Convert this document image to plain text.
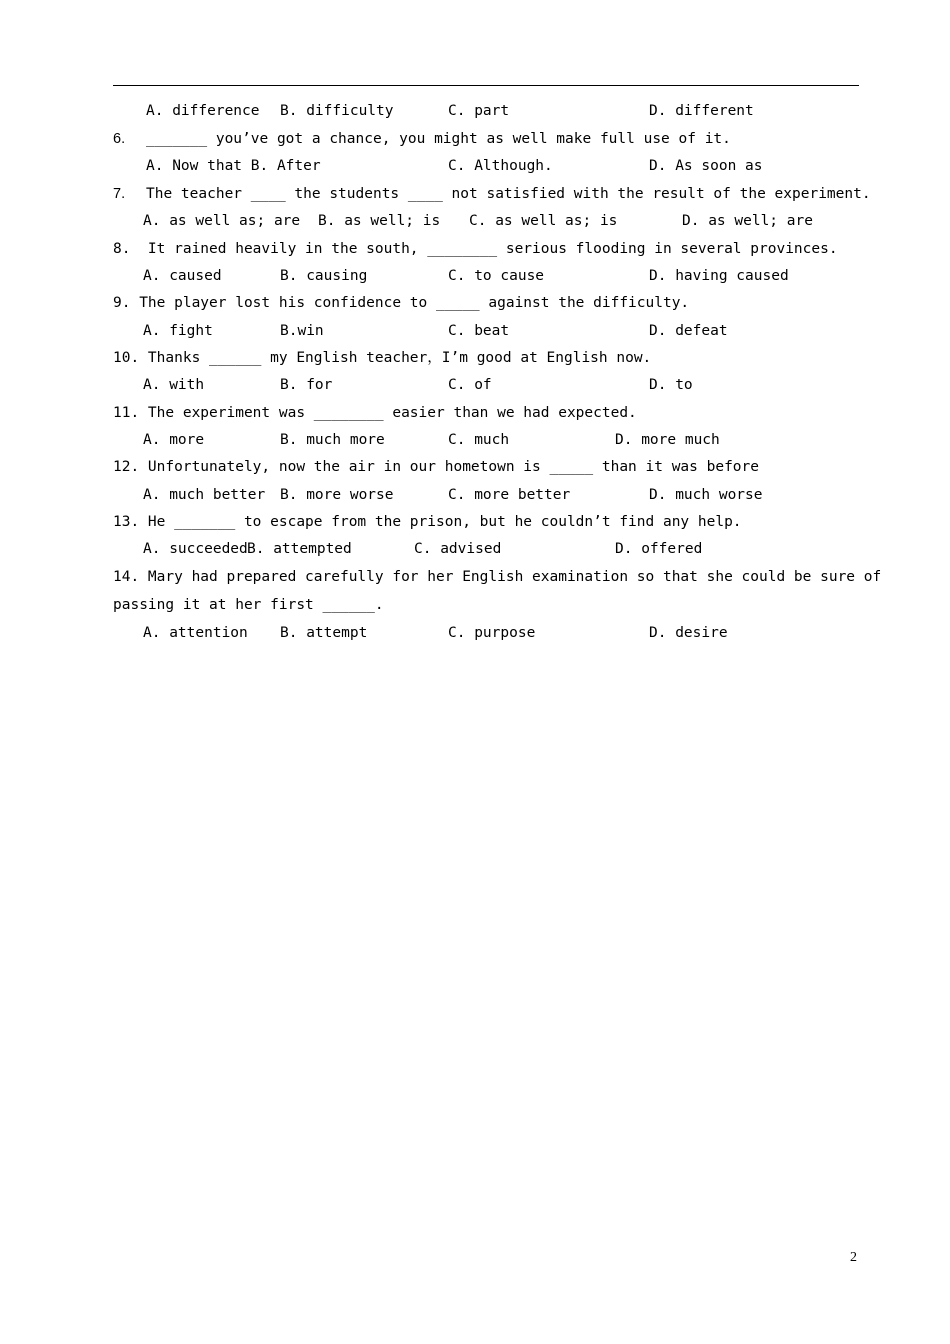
A. difference

B. difficulty

	C. part

	D. different

6.

_______ you’ve got a chance, you might as well make full use of it.

A. Now that B. After

	C. Although.

	D. As soon as

7.

The teacher ____ the students ____ not satisfied with the result of the experiment.

A. as well as; are

B. as well; is

C. as well as; is

	D. as well; are

8.  It rained heavily in the south, ________ serious flooding in several provinces.

A. caused

	B. causing

	C. to cause

	D. having caused

9. The player lost his confidence to _____ against the difficulty.

A. fight

	B.win

	C. beat

	D. defeat

10. Thanks ______ my English teacher，I’m good at English now.

A. with

	B. for

	C. of

	D. to

11. The experiment was ________ easier than we had expected.

A. more

	B. much more

	C. much

	D. more much

12. Unfortunately, now the air in our hometown is _____ than it was before

A. much better

B. more worse

	C. more better

	D. much worse

13. He _______ to escape from the prison, but he couldn’t find any help.

A. succeeded

B. attempted

	C. advised

	D. offered

14. Mary had prepared carefully for her English examination so that she could be sure of

passing it at her first ______.

A. attention

B. attempt

	C. purpose

	D. desire

2
